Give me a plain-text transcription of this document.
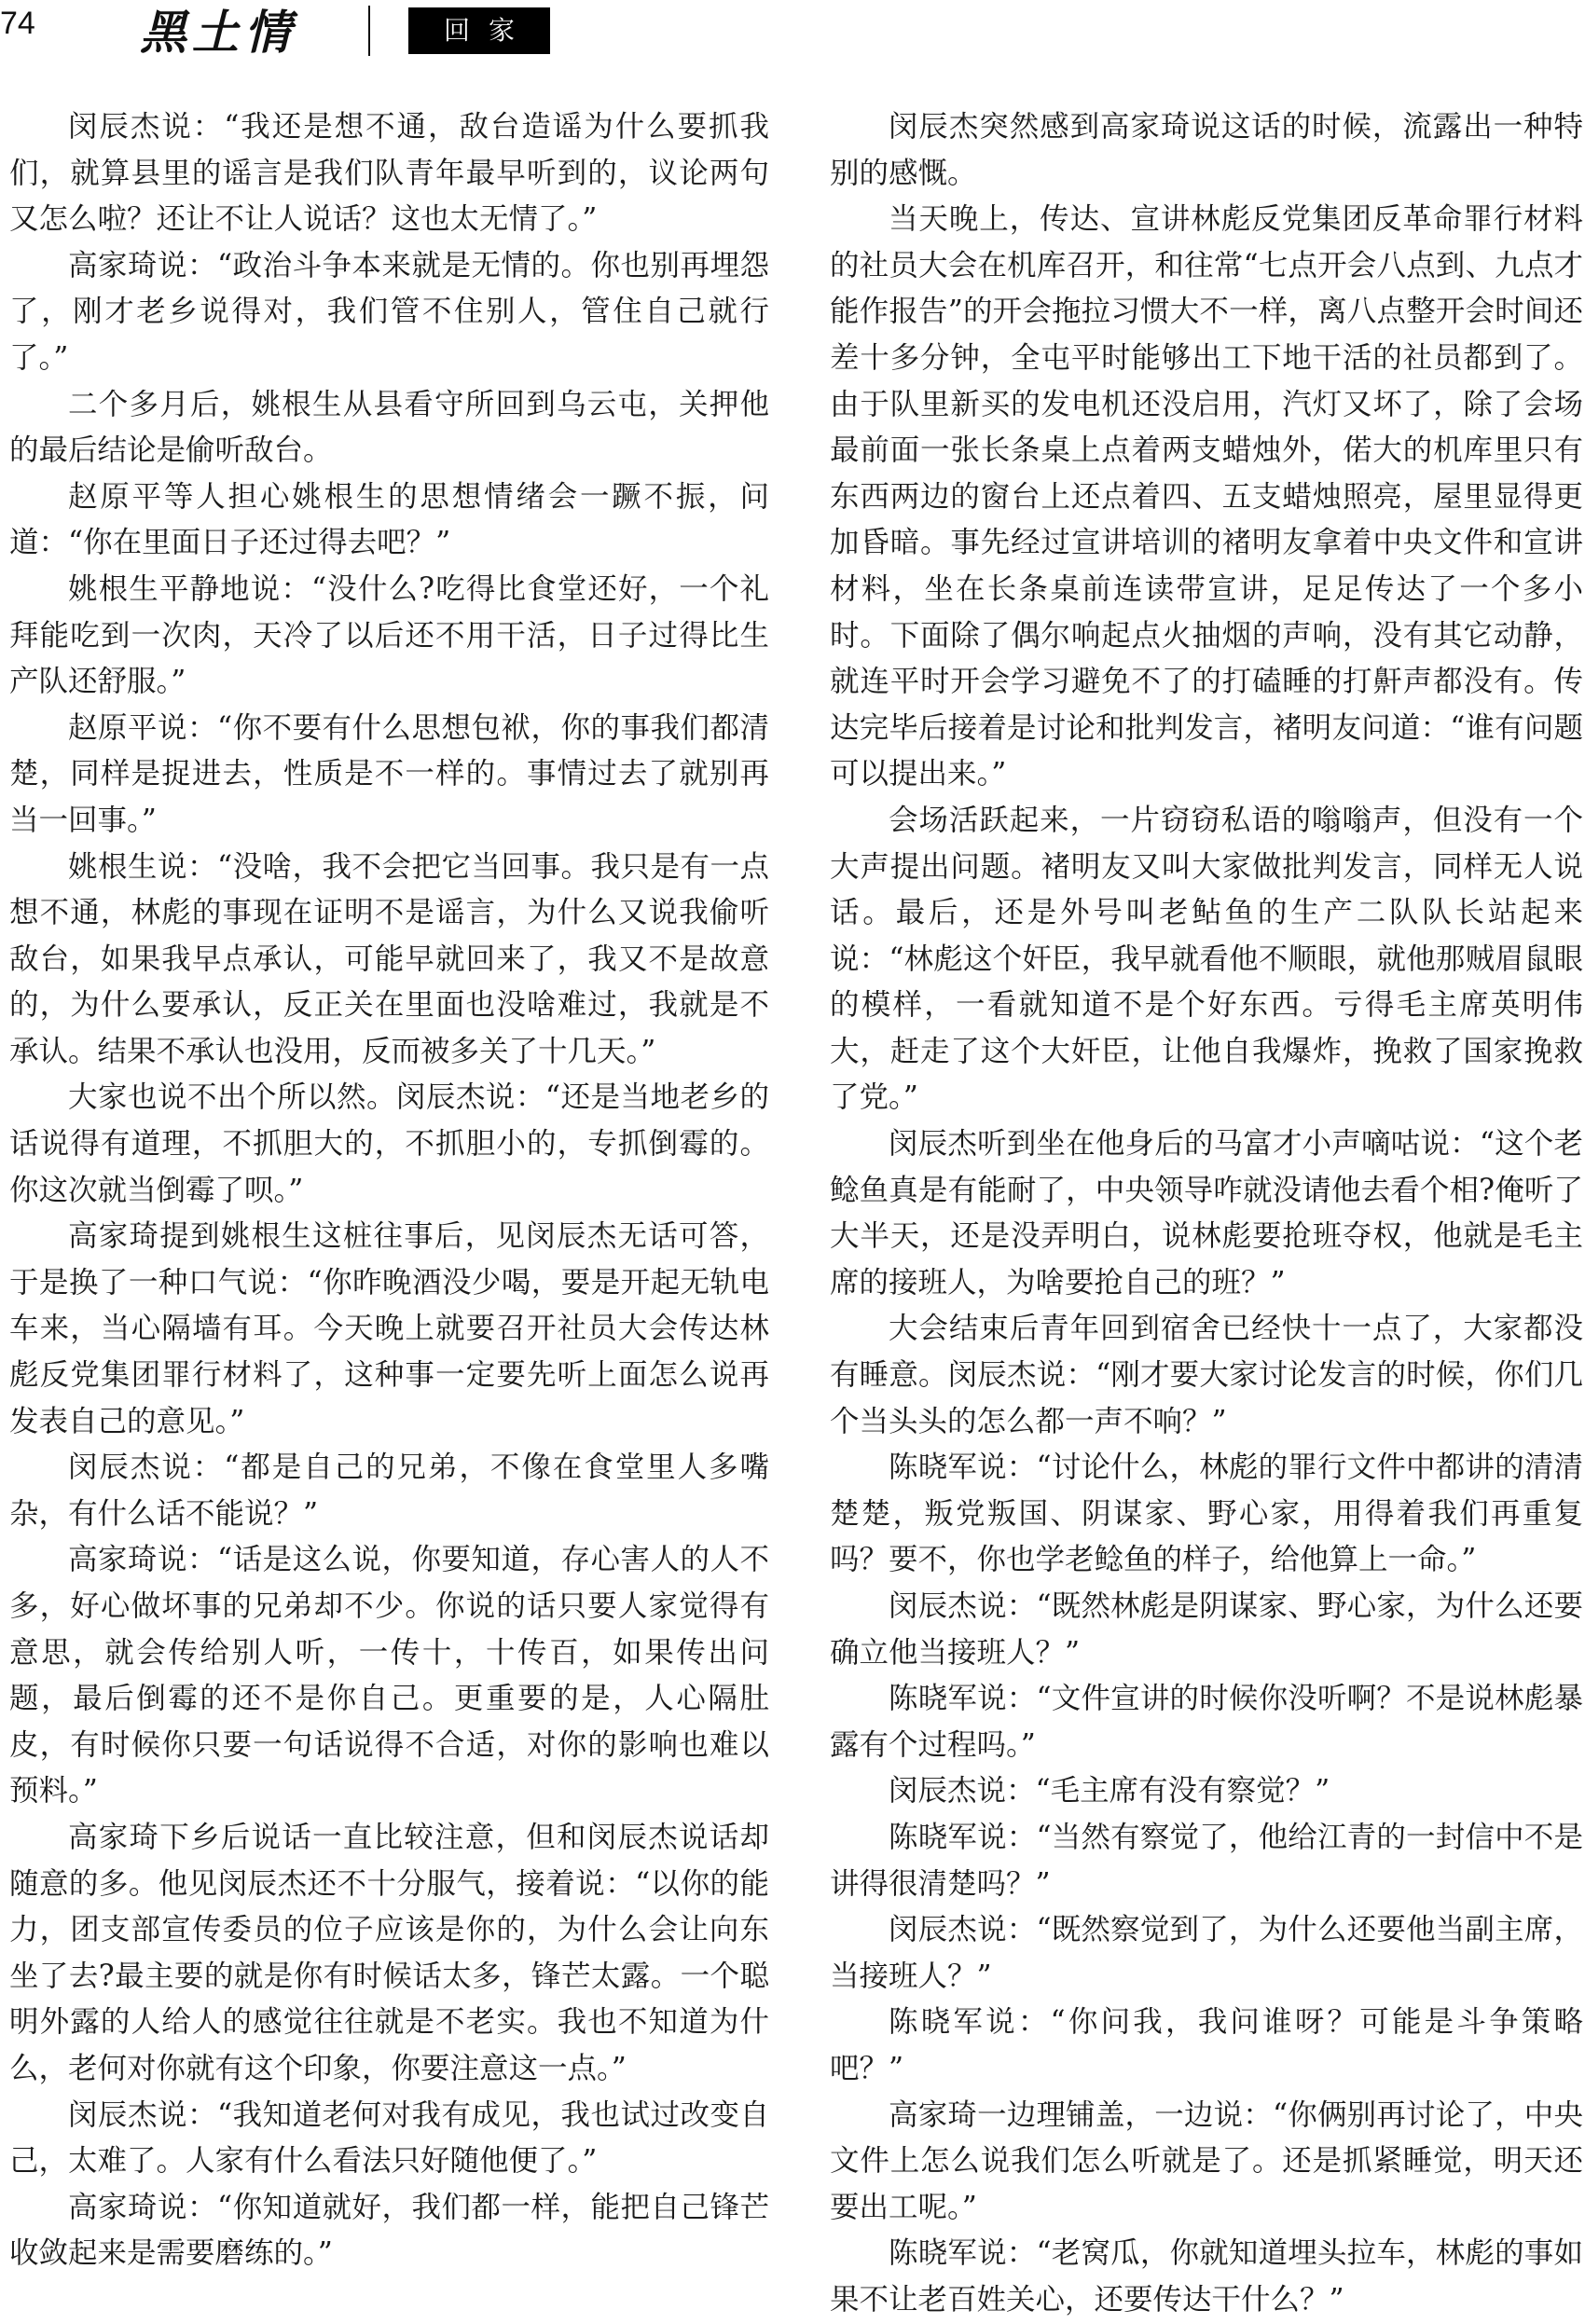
74 黑土情	回家

闵辰杰说：“我还是想不通，敌台造谣为什么要抓我们，就算县里的谣言是我们队青年最早听到的，议论两句又怎么啦？还让不让人说话？这也太无情了。”

高家琦说：“政治斗争本来就是无情的。你也别再埋怨了，刚才老乡说得对，我们管不住别人，管住自己就行了。”

二个多月后，姚根生从县看守所回到乌云屯，关押他的最后结论是偷听敌台。

赵原平等人担心姚根生的思想情绪会一蹶不振，问道：“你在里面日子还过得去吧？”

姚根生平静地说：“没什么?吃得比食堂还好，一个礼拜能吃到一次肉，天冷了以后还不用干活，日子过得比生产队还舒服。”

赵原平说：“你不要有什么思想包袱，你的事我们都清楚，同样是捉进去，性质是不一样的。事情过去了就别再当一回事。”

姚根生说：“没啥，我不会把它当回事。我只是有一点想不通，林彪的事现在证明不是谣言，为什么又说我偷听敌台，如果我早点承认，可能早就回来了，我又不是故意的，为什么要承认，反正关在里面也没啥难过，我就是不承认。结果不承认也没用，反而被多关了十几天。”

大家也说不出个所以然。闵辰杰说：“还是当地老乡的话说得有道理，不抓胆大的，不抓胆小的，专抓倒霉的。你这次就当倒霉了呗。”

高家琦提到姚根生这桩往事后，见闵辰杰无话可答，于是换了一种口气说：“你昨晚酒没少喝，要是开起无轨电车来，当心隔墙有耳。今天晚上就要召开社员大会传达林彪反党集团罪行材料了，这种事一定要先听上面怎么说再发表自己的意见。”

闵辰杰说：“都是自己的兄弟，不像在食堂里人多嘴杂，有什么话不能说？”

高家琦说：“话是这么说，你要知道，存心害人的人不多，好心做坏事的兄弟却不少。你说的话只要人家觉得有意思，就会传给别人听，一传十，十传百，如果传出问题，最后倒霉的还不是你自己。更重要的是，人心隔肚皮，有时候你只要一句话说得不合适，对你的影响也难以预料。”

高家琦下乡后说话一直比较注意，但和闵辰杰说话却随意的多。他见闵辰杰还不十分服气，接着说：“以你的能力，团支部宣传委员的位子应该是你的，为什么会让向东坐了去?最主要的就是你有时候话太多，锋芒太露。一个聪明外露的人给人的感觉往往就是不老实。我也不知道为什么，老何对你就有这个印象，你要注意这一点。”

闵辰杰说：“我知道老何对我有成见，我也试过改变自己，太难了。人家有什么看法只好随他便了。”

高家琦说：“你知道就好，我们都一样，能把自己锋芒收敛起来是需要磨练的。”

闵辰杰突然感到高家琦说这话的时候，流露出一种特别的感慨。

当天晚上，传达、宣讲林彪反党集团反革命罪行材料的社员大会在机库召开，和往常“七点开会八点到、九点才能作报告”的开会拖拉习惯大不一样，离八点整开会时间还差十多分钟，全屯平时能够出工下地干活的社员都到了。由于队里新买的发电机还没启用，汽灯又坏了，除了会场最前面一张长条桌上点着两支蜡烛外，偌大的机库里只有东西两边的窗台上还点着四、五支蜡烛照亮，屋里显得更加昏暗。事先经过宣讲培训的褚明友拿着中央文件和宣讲材料，坐在长条桌前连读带宣讲，足足传达了一个多小时。下面除了偶尔响起点火抽烟的声响，没有其它动静，就连平时开会学习避免不了的打磕睡的打鼾声都没有。传达完毕后接着是讨论和批判发言，褚明友问道：“谁有问题可以提出来。”

会场活跃起来，一片窃窃私语的嗡嗡声，但没有一个大声提出问题。褚明友又叫大家做批判发言，同样无人说话。最后，还是外号叫老鲇鱼的生产二队队长站起来说：“林彪这个奸臣，我早就看他不顺眼，就他那贼眉鼠眼的模样，一看就知道不是个好东西。亏得毛主席英明伟大，赶走了这个大奸臣，让他自我爆炸，挽救了国家挽救了党。”

闵辰杰听到坐在他身后的马富才小声嘀咕说：“这个老鲶鱼真是有能耐了，中央领导咋就没请他去看个相?俺听了大半天，还是没弄明白，说林彪要抢班夺权，他就是毛主席的接班人，为啥要抢自己的班？”

大会结束后青年回到宿舍已经快十一点了，大家都没有睡意。闵辰杰说：“刚才要大家讨论发言的时候，你们几个当头头的怎么都一声不响？”

陈晓军说：“讨论什么，林彪的罪行文件中都讲的清清楚楚，叛党叛国、阴谋家、野心家，用得着我们再重复吗？要不，你也学老鲶鱼的样子，给他算上一命。”

闵辰杰说：“既然林彪是阴谋家、野心家，为什么还要确立他当接班人？”

陈晓军说：“文件宣讲的时候你没听啊？不是说林彪暴露有个过程吗。”

闵辰杰说：“毛主席有没有察觉？”

陈晓军说：“当然有察觉了，他给江青的一封信中不是讲得很清楚吗？”

闵辰杰说：“既然察觉到了，为什么还要他当副主席，当接班人？”

陈晓军说：“你问我，我问谁呀？可能是斗争策略吧？”

高家琦一边理铺盖，一边说：“你俩别再讨论了，中央文件上怎么说我们怎么听就是了。还是抓紧睡觉，明天还要出工呢。”

陈晓军说：“老窝瓜，你就知道埋头拉车，林彪的事如果不让老百姓关心，还要传达干什么？”
